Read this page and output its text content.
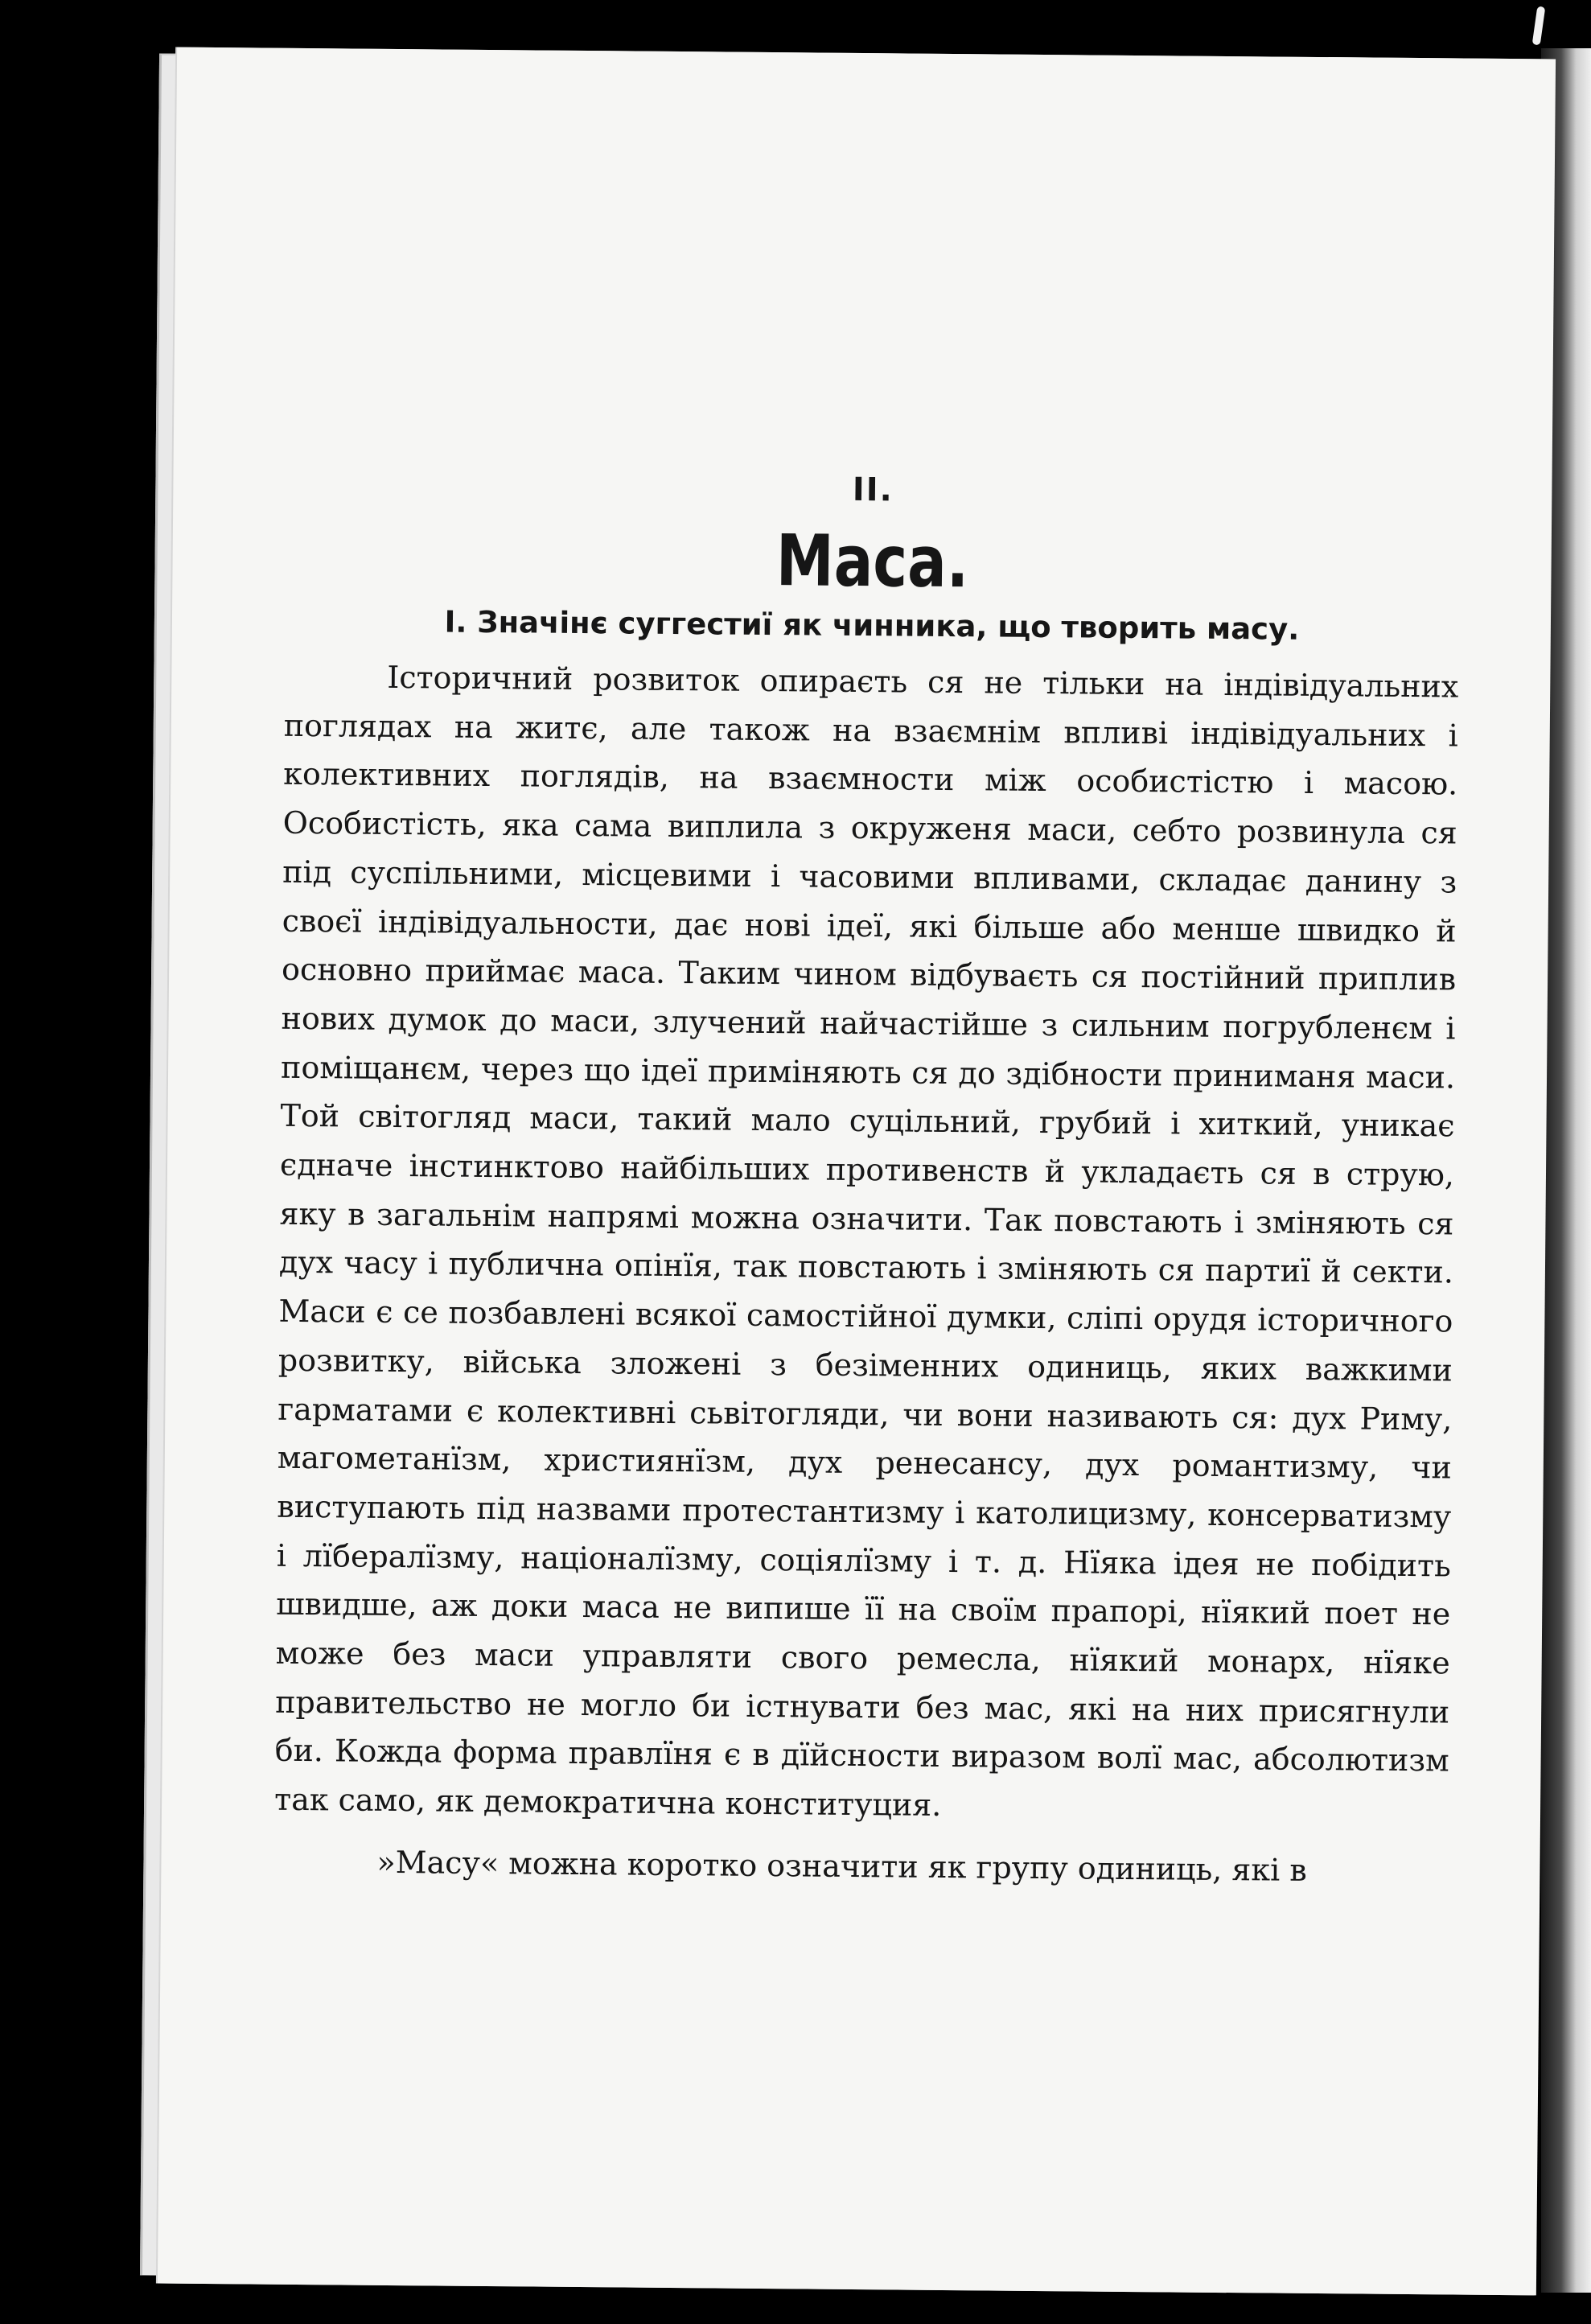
II.
Маса.
I. Значінє суггестиї як чинника, що творить масу.

Історичний розвиток опираєть ся не тільки на індівідуальних поглядах на житє, але також на взаємнім впливі індівідуальних і колективних поглядів, на взаємности між особистістю і масою. Особистість, яка сама виплила з окруженя маси, себто розвинула ся під суспільними, місцевими і часовими впливами, складає данину з своєї індівідуальности, дає нові ідеї, які більше або менше швидко й основно приймає маса. Таким чином відбуваєть ся постійний приплив нових думок до маси, злучений найчастійше з сильним погрубленєм і поміщанєм, через що ідеї приміняють ся до здібности приниманя маси. Той світогляд маси, такий мало суцільний, грубий і хиткий, уникає єдначе інстинктово найбільших противенств й укладаєть ся в струю, яку в загальнім напрямі можна означити. Так повстають і зміняють ся дух часу і публична опінїя, так повстають і зміняють ся партиї й секти. Маси є се позбавлені всякої самостійної думки, сліпі орудя історичного розвитку, війська зложені з безіменних одиниць, яких важкими гарматами є колективні сьвітогляди, чи вони називають ся: дух Риму, магометанїзм, християнїзм, дух ренесансу, дух романтизму, чи виступають під назвами протестантизму і католицизму, консерватизму і лїбералїзму, націоналїзму, соціялїзму і т. д. Нїяка ідея не побідить швидше, аж доки маса не випише її на своїм прапорі, нїякий поет не може без маси управляти свого ремесла, нїякий монарх, нїяке правительство не могло би істнувати без мас, які на них присягнули би. Кожда форма правлїня є в дїйсности виразом волї мас, абсолютизм так само, як демократична конституция.

»Масу« можна коротко означити як групу одиниць, які в
